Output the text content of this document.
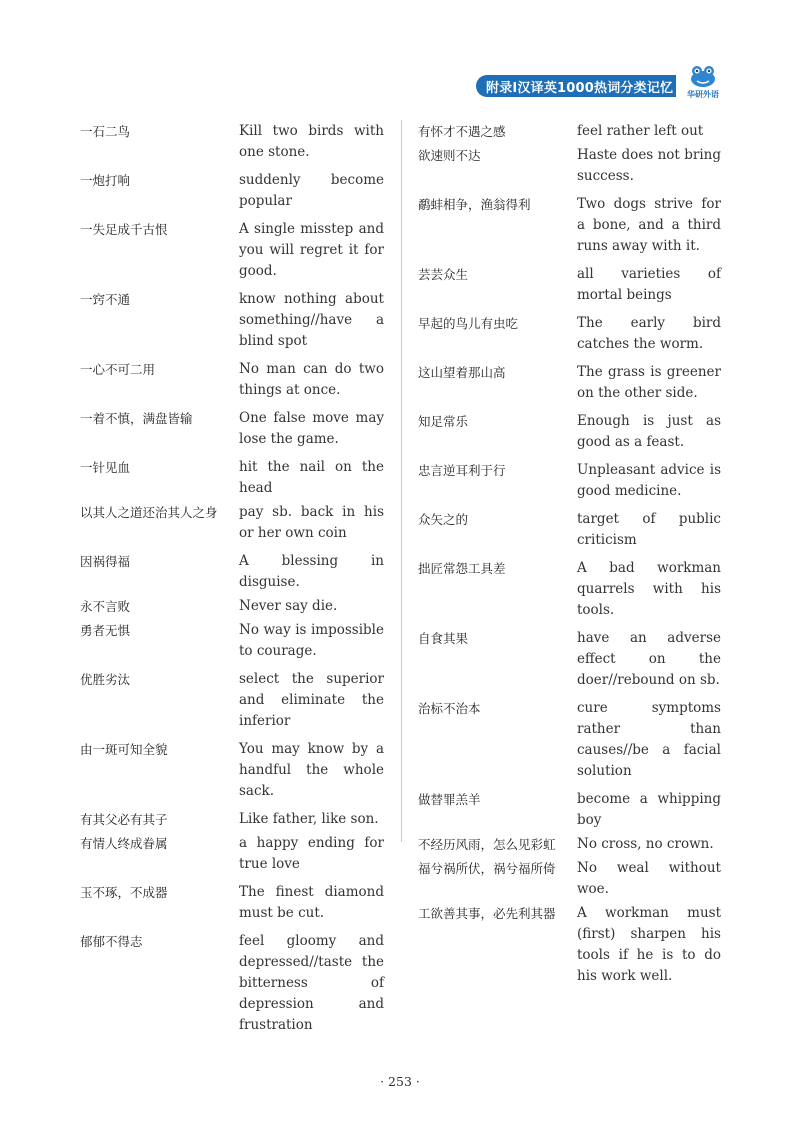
附录Ⅰ汉译英1000热词分类记忆 华研外语
一石二鸟	Kill two birds with one stone.
一炮打响	suddenly become popular
一失足成千古恨	A single misstep and you will regret it for good.
一窍不通	know nothing about something//have a blind spot
一心不可二用	No man can do two things at once.
一着不慎，满盘皆输	One false move may lose the game.
一针见血	hit the nail on the head
以其人之道还治其人之身	pay sb. back in his or her own coin
因祸得福	A blessing in disguise.
永不言败	Never say die.
勇者无惧	No way is impossible to courage.
优胜劣汰	select the superior and eliminate the inferior
由一斑可知全貌	You may know by a handful the whole sack.
有其父必有其子	Like father, like son.
有情人终成眷属	a happy ending for true love
玉不琢，不成器	The finest diamond must be cut.
郁郁不得志	feel gloomy and depressed//taste the bitterness of depression and frustration
有怀才不遇之感	feel rather left out
欲速则不达	Haste does not bring success.
鹬蚌相争，渔翁得利	Two dogs strive for a bone, and a third runs away with it.
芸芸众生	all varieties of mortal beings
早起的鸟儿有虫吃	The early bird catches the worm.
这山望着那山高	The grass is greener on the other side.
知足常乐	Enough is just as good as a feast.
忠言逆耳利于行	Unpleasant advice is good medicine.
众矢之的	target of public criticism
拙匠常怨工具差	A bad workman quarrels with his tools.
自食其果	have an adverse effect on the doer//rebound on sb.
治标不治本	cure symptoms rather than causes//be a facial solution
做替罪羔羊	become a whipping boy
不经历风雨，怎么见彩虹	No cross, no crown.
福兮祸所伏，祸兮福所倚	No weal without woe.
工欲善其事，必先利其器	A workman must (first) sharpen his tools if he is to do his work well.
· 253 ·
